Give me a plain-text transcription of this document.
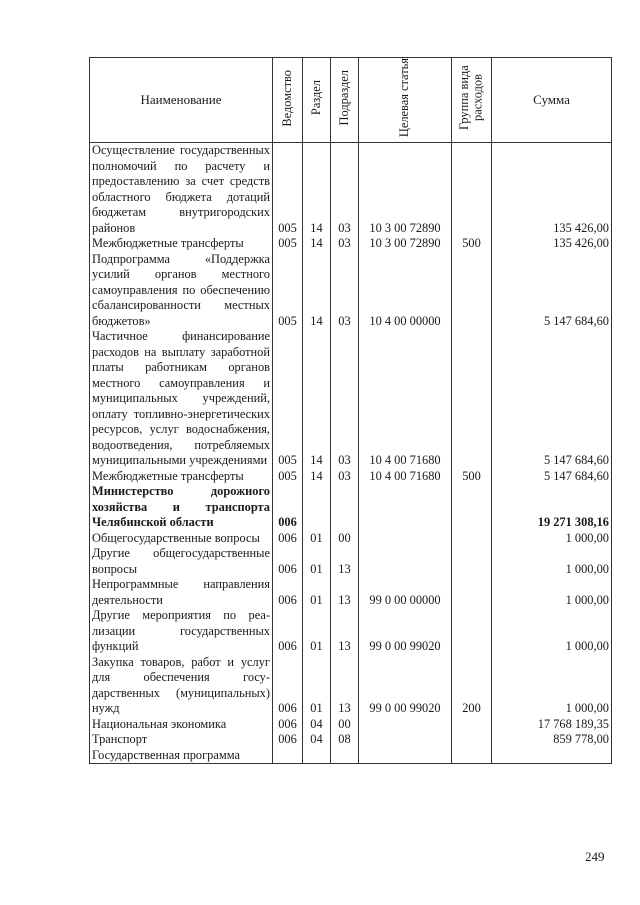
Наименование	Ведомство	Раздел	Подраздел	Целевая статья	Группа вида расходов	Сумма
Осуществление государственных полномочий по расчету и предоставлению за счет средств областного бюджета дотаций бюджетам внутригородских районов	005	14	03	10 3 00 72890		135 426,00
Межбюджетные трансферты	005	14	03	10 3 00 72890	500	135 426,00
Подпрограмма «Поддержка усилий органов местного самоуправления по обеспечению сбалансированности местных бюджетов»	005	14	03	10 4 00 00000		5 147 684,60
Частичное финансирование расходов на выплату заработной платы работникам органов местного самоуправления и муниципальных учреждений, оплату топливно-энергетических ресурсов, услуг водоснабжения, водоотведения, потребляемых муниципальными учреждениями	005	14	03	10 4 00 71680		5 147 684,60
Межбюджетные трансферты	005	14	03	10 4 00 71680	500	5 147 684,60
Министерство дорожного хозяйства и транспорта Челябинской области	006					19 271 308,16
Общегосударственные вопросы	006	01	00			1 000,00
Другие общегосударственные вопросы	006	01	13			1 000,00
Непрограммные направления деятельности	006	01	13	99 0 00 00000		1 000,00
Другие мероприятия по реализации государственных функций	006	01	13	99 0 00 99020		1 000,00
Закупка товаров, работ и услуг для обеспечения государственных (муниципальных) нужд	006	01	13	99 0 00 99020	200	1 000,00
Национальная экономика	006	04	00			17 768 189,35
Транспорт	006	04	08			859 778,00
Государственная программа						
249
